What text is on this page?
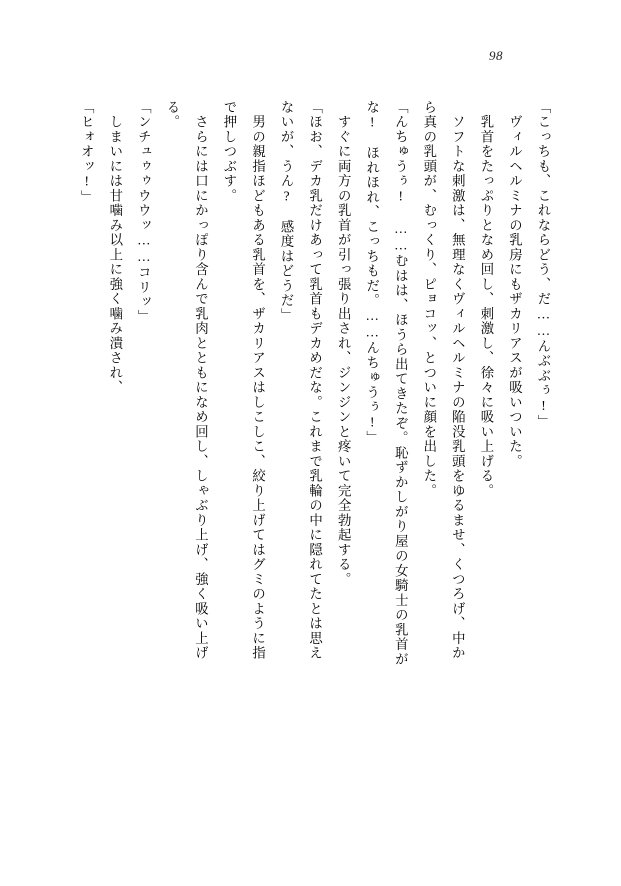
98

「こっちも、これならどう、だ……んぶぶぅ!」

　ヴィルヘルミナの乳房にもザカリアスが吸いついた。

　乳首をたっぷりとなめ回し、刺激し、徐々に吸い上げる。

　ソフトな刺激は、無理なくヴィルヘルミナの陥没乳頭をゆるませ、くつろげ、中か

ら真の乳頭が、むっくり、ピョコッ、とついに顔を出した。

「んちゅうぅ! ……むはは、ほうら出てきたぞ。恥ずかしがり屋の女騎士の乳首が

な!　ほれほれ、こっちもだ。……んちゅうぅ!」

　すぐに両方の乳首が引っ張り出され、ジンジンと疼いて完全勃起する。

「ほお、デカ乳だけあって乳首もデカめだな。これまで乳輪の中に隠れてたとは思え

ないが、うん?　感度はどうだ」

　男の親指ほどもある乳首を、ザカリアスはしこしこ、絞り上げてはグミのように指

で押しつぶす。

　さらには口にかっぽり含んで乳肉とともになめ回し、しゃぶり上げ、強く吸い上げ

る。

「ンチュゥゥウウッ……コリッ」

　しまいには甘噛み以上に強く噛み潰され、

「ヒォオッ!」
